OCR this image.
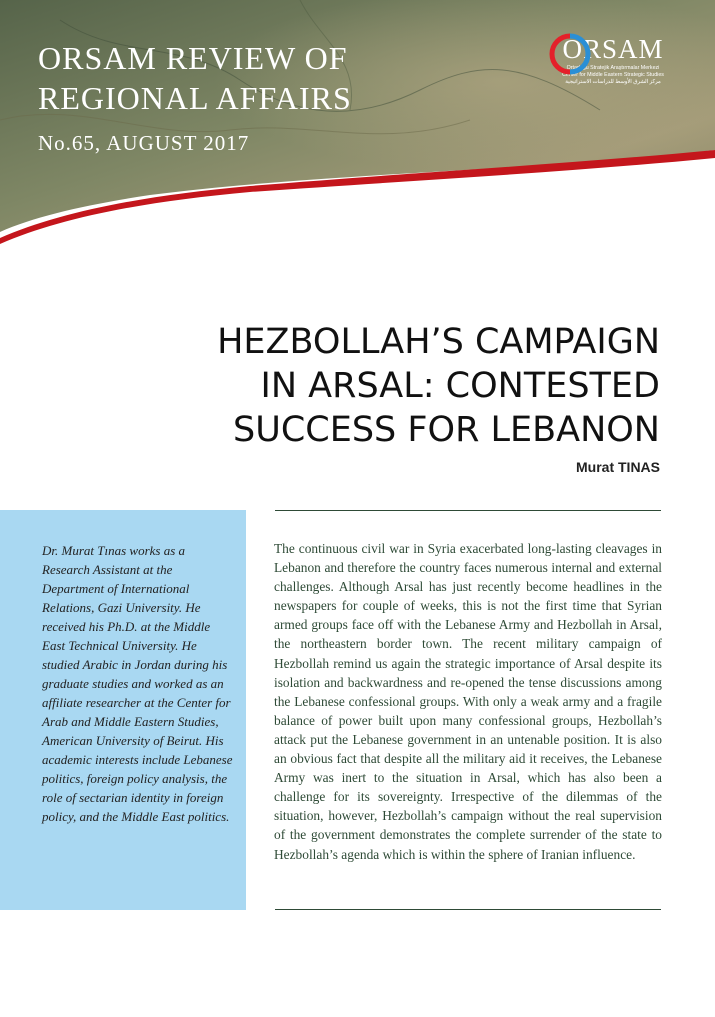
ORSAM REVIEW OF
REGIONAL AFFAIRS

No.65, AUGUST 2017

ORSAM
Ortadoğu Stratejik Araştırmalar Merkezi
Center for Middle Eastern Strategic Studies
مركز الشرق الأوسط للدراسات الاستراتيجية
HEZBOLLAH’S CAMPAIGN
IN ARSAL: CONTESTED
SUCCESS FOR LEBANON

Murat TINAS

Dr. Murat Tınas works as a Research Assistant at the Department of International Relations, Gazi University. He received his Ph.D. at the Middle East Technical University. He studied Arabic in Jordan during his graduate studies and worked as an affiliate researcher at the Center for Arab and Middle Eastern Studies, American University of Beirut. His academic interests include Lebanese politics, foreign policy analysis, the role of sectarian identity in foreign policy, and the Middle East politics.

The continuous civil war in Syria exacerbated long-lasting cleavages in Lebanon and therefore the country faces numerous internal and external challenges. Although Arsal has just recently become headlines in the newspapers for couple of weeks, this is not the first time that Syrian armed groups face off with the Lebanese Army and Hezbollah in Arsal, the northeastern border town. The recent military campaign of Hezbollah remind us again the strategic importance of Arsal despite its isolation and backwardness and re-opened the tense discussions among the Lebanese confessional groups. With only a weak army and a fragile balance of power built upon many confessional groups, Hezbollah’s attack put the Lebanese government in an untenable position. It is also an obvious fact that despite all the military aid it receives, the Lebanese Army was inert to the situation in Arsal, which has also been a challenge for its sovereignty. Irrespective of the dilemmas of the situation, however, Hezbollah’s campaign without the real supervision of the government demonstrates the complete surrender of the state to Hezbollah’s agenda which is within the sphere of Iranian influence.
